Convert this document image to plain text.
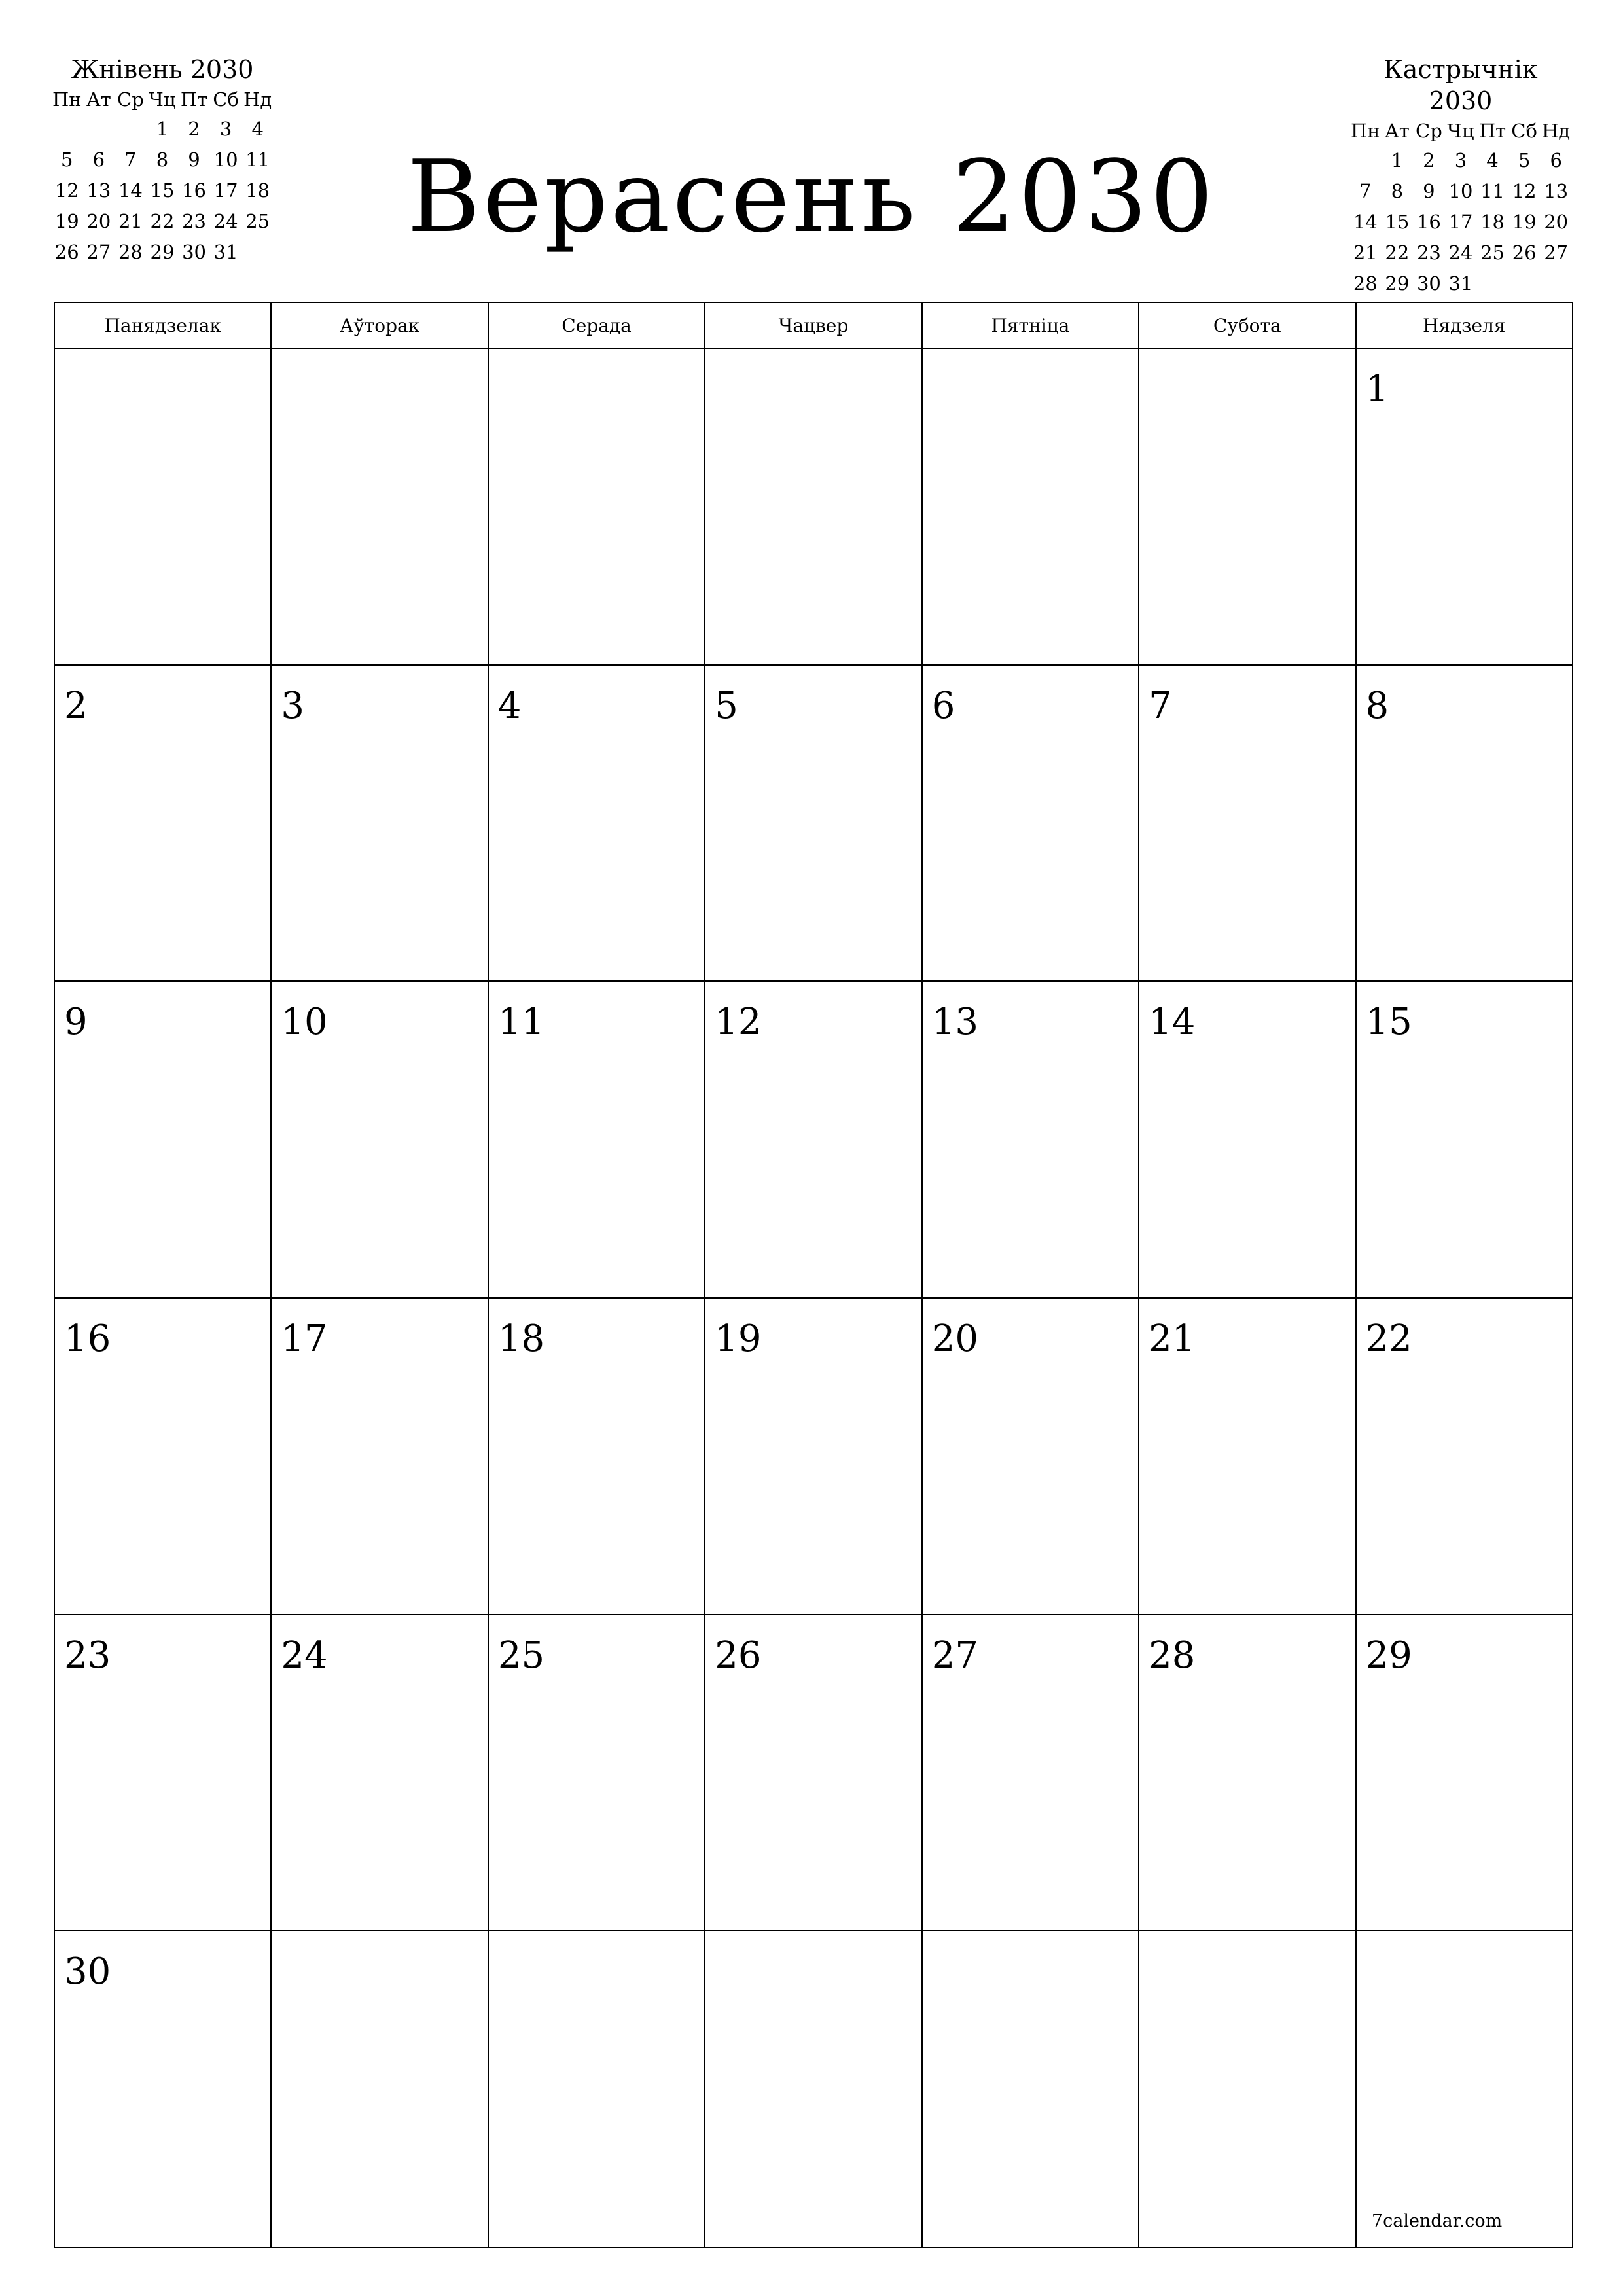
Жнівень 2030
Пн	Ат	Ср	Чц	Пт	Сб	Нд
			1	2	3	4
5	6	7	8	9	10	11
12	13	14	15	16	17	18
19	20	21	22	23	24	25
26	27	28	29	30	31		Верасень 2030
Кастрычнік 2030
Пн	Ат	Ср	Чц	Пт	Сб	Нд
	1	2	3	4	5	6
7	8	9	10	11	12	13
14	15	16	17	18	19	20
21	22	23	24	25	26	27
28	29	30	31			
Панядзелак	Аўторак	Серада	Чацвер	Пятніца	Субота	Нядзеля

						1

2	3	4	5	6	7	8

9	10	11	12	13	14	15

16	17	18	19	20	21	22

23	24	25	26	27	28	29

30						

7calendar.com
